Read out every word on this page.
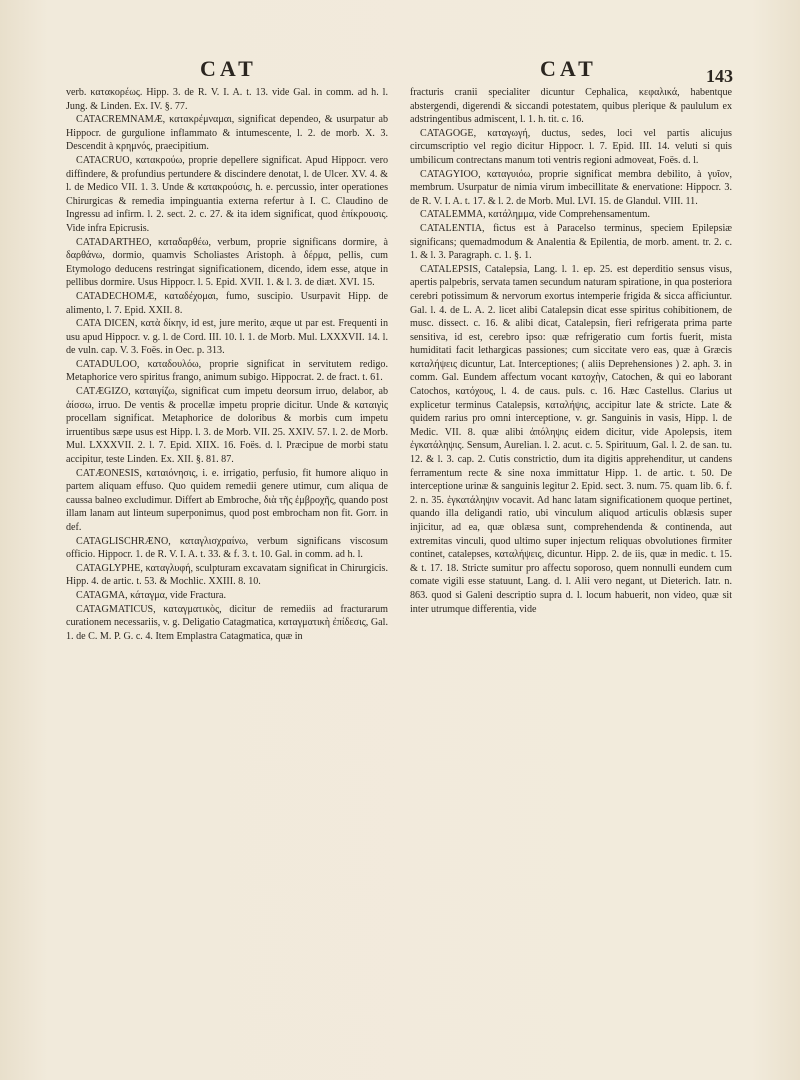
CAT	CAT	143

verb. κατακορέως. Hipp. 3. de R. V. I. A. t. 13. vide Gal. in comm. ad h. l. Jung. & Linden. Ex. IV. §. 77.

CATACREMNAMÆ, κατακρέμναμαι, significat dependeo, & usurpatur ab Hippocr. de gurgulione inflammato & intumescente, l. 2. de morb. X. 3. Descendit à κρημνός, praecipitium.

CATACRUO, κατακρούω, proprie depellere significat. Apud Hippocr. vero diffindere, & profundius pertundere & discindere denotat, l. de Ulcer. XV. 4. & l. de Medico VII. 1. 3. Unde & κατακρούσις, h. e. percussio, inter operationes Chirurgicas & remedia impinguantia externa refertur à I. C. Claudino de Ingressu ad infirm. l. 2. sect. 2. c. 27. & ita idem significat, quod ἐπίκρουσις. Vide infra Epicrusis.

CATADARTHEO, καταδαρθέω, verbum, proprie significans dormire, à δαρθάνω, dormio, quamvis Scholiastes Aristoph. à δέρμα, pellis, cum Etymologo deducens restringat significationem, dicendo, idem esse, atque in pellibus dormire. Usus Hippocr. l. 5. Epid. XVII. 1. & l. 3. de diæt. XVI. 15.

CATADECHOMÆ, καταδέχομαι, fumo, suscipio. Usurpavit Hipp. de alimento, l. 7. Epid. XXII. 8.

CATA DICEN, κατὰ δίκην, id est, jure merito, æque ut par est. Frequenti in usu apud Hippocr. v. g. l. de Cord. III. 10. l. 1. de Morb. Mul. LXXXVII. 14. l. de vuln. cap. V. 3. Foës. in Oec. p. 313.

CATADULOO, καταδουλόω, proprie significat in servitutem redigo. Metaphorice vero spiritus frango, animum subigo. Hippocrat. 2. de fract. t. 61.

CATÆGIZO, καταιγίζω, significat cum impetu deorsum irruo, delabor, ab ἀίσσω, irruo. De ventis & procellæ impetu proprie dicitur. Unde & καταιγὶς procellam significat. Metaphorice de doloribus & morbis cum impetu irruentibus sæpe usus est Hipp. l. 3. de Morb. VII. 25. XXIV. 57. l. 2. de Morb. Mul. LXXXVII. 2. l. 7. Epid. XIIX. 16. Foës. d. l. Præcipue de morbi statu accipitur, teste Linden. Ex. XII. §. 81. 87.

CATÆONESIS, καταιόνησις, i. e. irrigatio, perfusio, fit humore aliquo in partem aliquam effuso. Quo quidem remedii genere utimur, cum aliqua de caussa balneo excludimur. Differt ab Embroche, διὰ τῆς ἐμβροχῆς, quando post illam lanam aut linteum superponimus, quod post embrocham non fit. Gorr. in def.

CATAGLISCHRÆNO, καταγλισχραίνω, verbum significans viscosum officio. Hippocr. 1. de R. V. I. A. t. 33. & f. 3. t. 10. Gal. in comm. ad h. l.

CATAGLYPHE, καταγλυφή, sculpturam excavatam significat in Chirurgicis. Hipp. 4. de artic. t. 53. & Mochlic. XXIII. 8. 10.

CATAGMA, κάταγμα, vide Fractura.

CATAGMATICUS, καταγματικὸς, dicitur de remediis ad fracturarum curationem necessariis, v. g. Deligatio Catagmatica, καταγματικὴ ἐπίδεσις, Gal. 1. de C. M. P. G. c. 4. Item Emplastra Catagmatica, quæ in

fracturis cranii specialiter dicuntur Cephalica, κεφαλικά, habentque abstergendi, digerendi & siccandi potestatem, quibus plerique & paululum ex adstringentibus admiscent, l. 1. h. tit. c. 16.

CATAGOGE, καταγωγή, ductus, sedes, loci vel partis alicujus circumscriptio vel regio dicitur Hippocr. l. 7. Epid. III. 14. veluti si quis umbilicum contrectans manum toti ventris regioni admoveat, Foës. d. l.

CATAGYIOO, καταγυιόω, proprie significat membra debilito, à γυῖον, membrum. Usurpatur de nimia virum imbecillitate & enervatione: Hippocr. 3. de R. V. I. A. t. 17. & l. 2. de Morb. Mul. LVI. 15. de Glandul. VIII. 11.

CATALEMMA, κατάλημμα, vide Comprehensamentum.

CATALENTIA, fictus est à Paracelso terminus, speciem Epilepsiæ significans; quemadmodum & Analentia & Epilentia, de morb. ament. tr. 2. c. 1. & l. 3. Paragraph. c. 1. §. 1.

CATALEPSIS, Catalepsia, Lang. l. 1. ep. 25. est deperditio sensus visus, apertis palpebris, servata tamen secundum naturam spiratione, in qua posteriora cerebri potissimum & nervorum exortus intemperie frigida & sicca afficiuntur. Gal. l. 4. de L. A. 2. licet alibi Catalepsin dicat esse spiritus cohibitionem, de musc. dissect. c. 16. & alibi dicat, Catalepsin, fieri refrigerata prima parte sensitiva, id est, cerebro ipso: quæ refrigeratio cum fortis fuerit, mista humiditati facit lethargicas passiones; cum siccitate vero eas, quæ à Græcis καταλήψεις dicuntur, Lat. Interceptiones; ( aliis Deprehensiones ) 2. aph. 3. in comm. Gal. Eundem affectum vocant κατοχὴν, Catochen, & qui eo laborant Catochos, κατόχους, l. 4. de caus. puls. c. 16. Hæc Castellus. Clarius ut explicetur terminus Catalepsis, καταλήψις, accipitur late & stricte. Late & quidem rarius pro omni interceptione, v. gr. Sanguinis in vasis, Hipp. l. de Medic. VII. 8. quæ alibi ἀπόληψις eidem dicitur, vide Apolepsis, item ἐγκατάληψις. Sensum, Aurelian. l. 2. acut. c. 5. Spirituum, Gal. l. 2. de san. tu. 12. & l. 3. cap. 2. Cutis constrictio, dum ita digitis apprehenditur, ut candens ferramentum recte & sine noxa immittatur Hipp. 1. de artic. t. 50. De interceptione urinæ & sanguinis legitur 2. Epid. sect. 3. num. 75. quam lib. 6. f. 2. n. 35. ἐγκατάληψιν vocavit. Ad hanc latam significationem quoque pertinet, quando illa deligandi ratio, ubi vinculum aliquod articulis oblæsis super injicitur, ad ea, quæ oblæsa sunt, comprehendenda & continenda, aut extremitas vinculi, quod ultimo super injectum reliquas obvolutiones firmiter continet, catalepses, καταλήψεις, dicuntur. Hipp. 2. de iis, quæ in medic. t. 15. & t. 17. 18. Stricte sumitur pro affectu soporoso, quem nonnulli eundem cum comate vigili esse statuunt, Lang. d. l. Alii vero negant, ut Dieterich. Iatr. n. 863. quod si Galeni descriptio supra d. l. locum habuerit, non video, quæ sit inter utrumque differentia, vide
